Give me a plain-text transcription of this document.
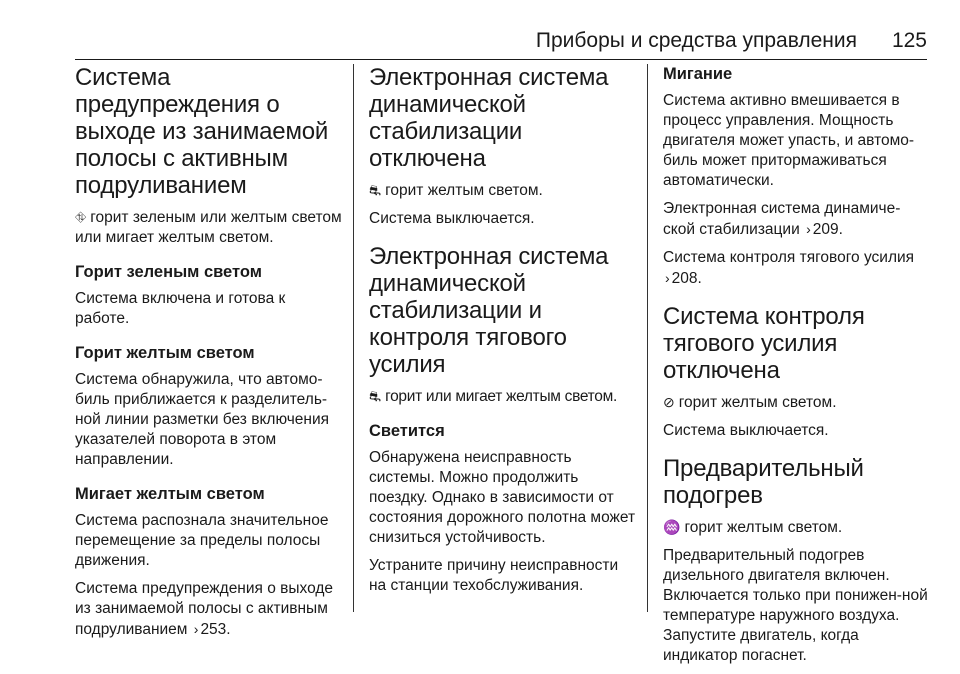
Приборы и средства управления 125
Система предупреждения о выходе из занимаемой полосы с активным подруливанием

⛗ горит зеленым или желтым светом или мигает желтым светом.

Горит зеленым светом

Система включена и готова к работе.

Горит желтым светом

Система обнаружила, что автомо-биль приближается к разделитель-ной линии разметки без включения указателей поворота в этом направлении.

Мигает желтым светом

Система распознала значительное перемещение за пределы полосы движения.

Система предупреждения о выходе из занимаемой полосы с активным подруливанием › 253.

Электронная система динамической стабилизации отключена

⛐ горит желтым светом.

Система выключается.

Электронная система динамической стабилизации и контроля тягового усилия

⛐ горит или мигает желтым светом.

Светится

Обнаружена неисправность системы. Можно продолжить поездку. Однако в зависимости от состояния дорожного полотна может снизиться устойчивость.

Устраните причину неисправности на станции техобслуживания.

Мигание

Система активно вмешивается в процесс управления. Мощность двигателя может упасть, и автомо-биль может притормаживаться автоматически.

Электронная система динамиче-ской стабилизации › 209.

Система контроля тягового усилия › 208.

Система контроля тягового усилия отключена

⊘ горит желтым светом.

Система выключается.

Предварительный подогрев

♒ горит желтым светом.

Предварительный подогрев дизельного двигателя включен. Включается только при понижен-ной температуре наружного воздуха. Запустите двигатель, когда индикатор погаснет.
